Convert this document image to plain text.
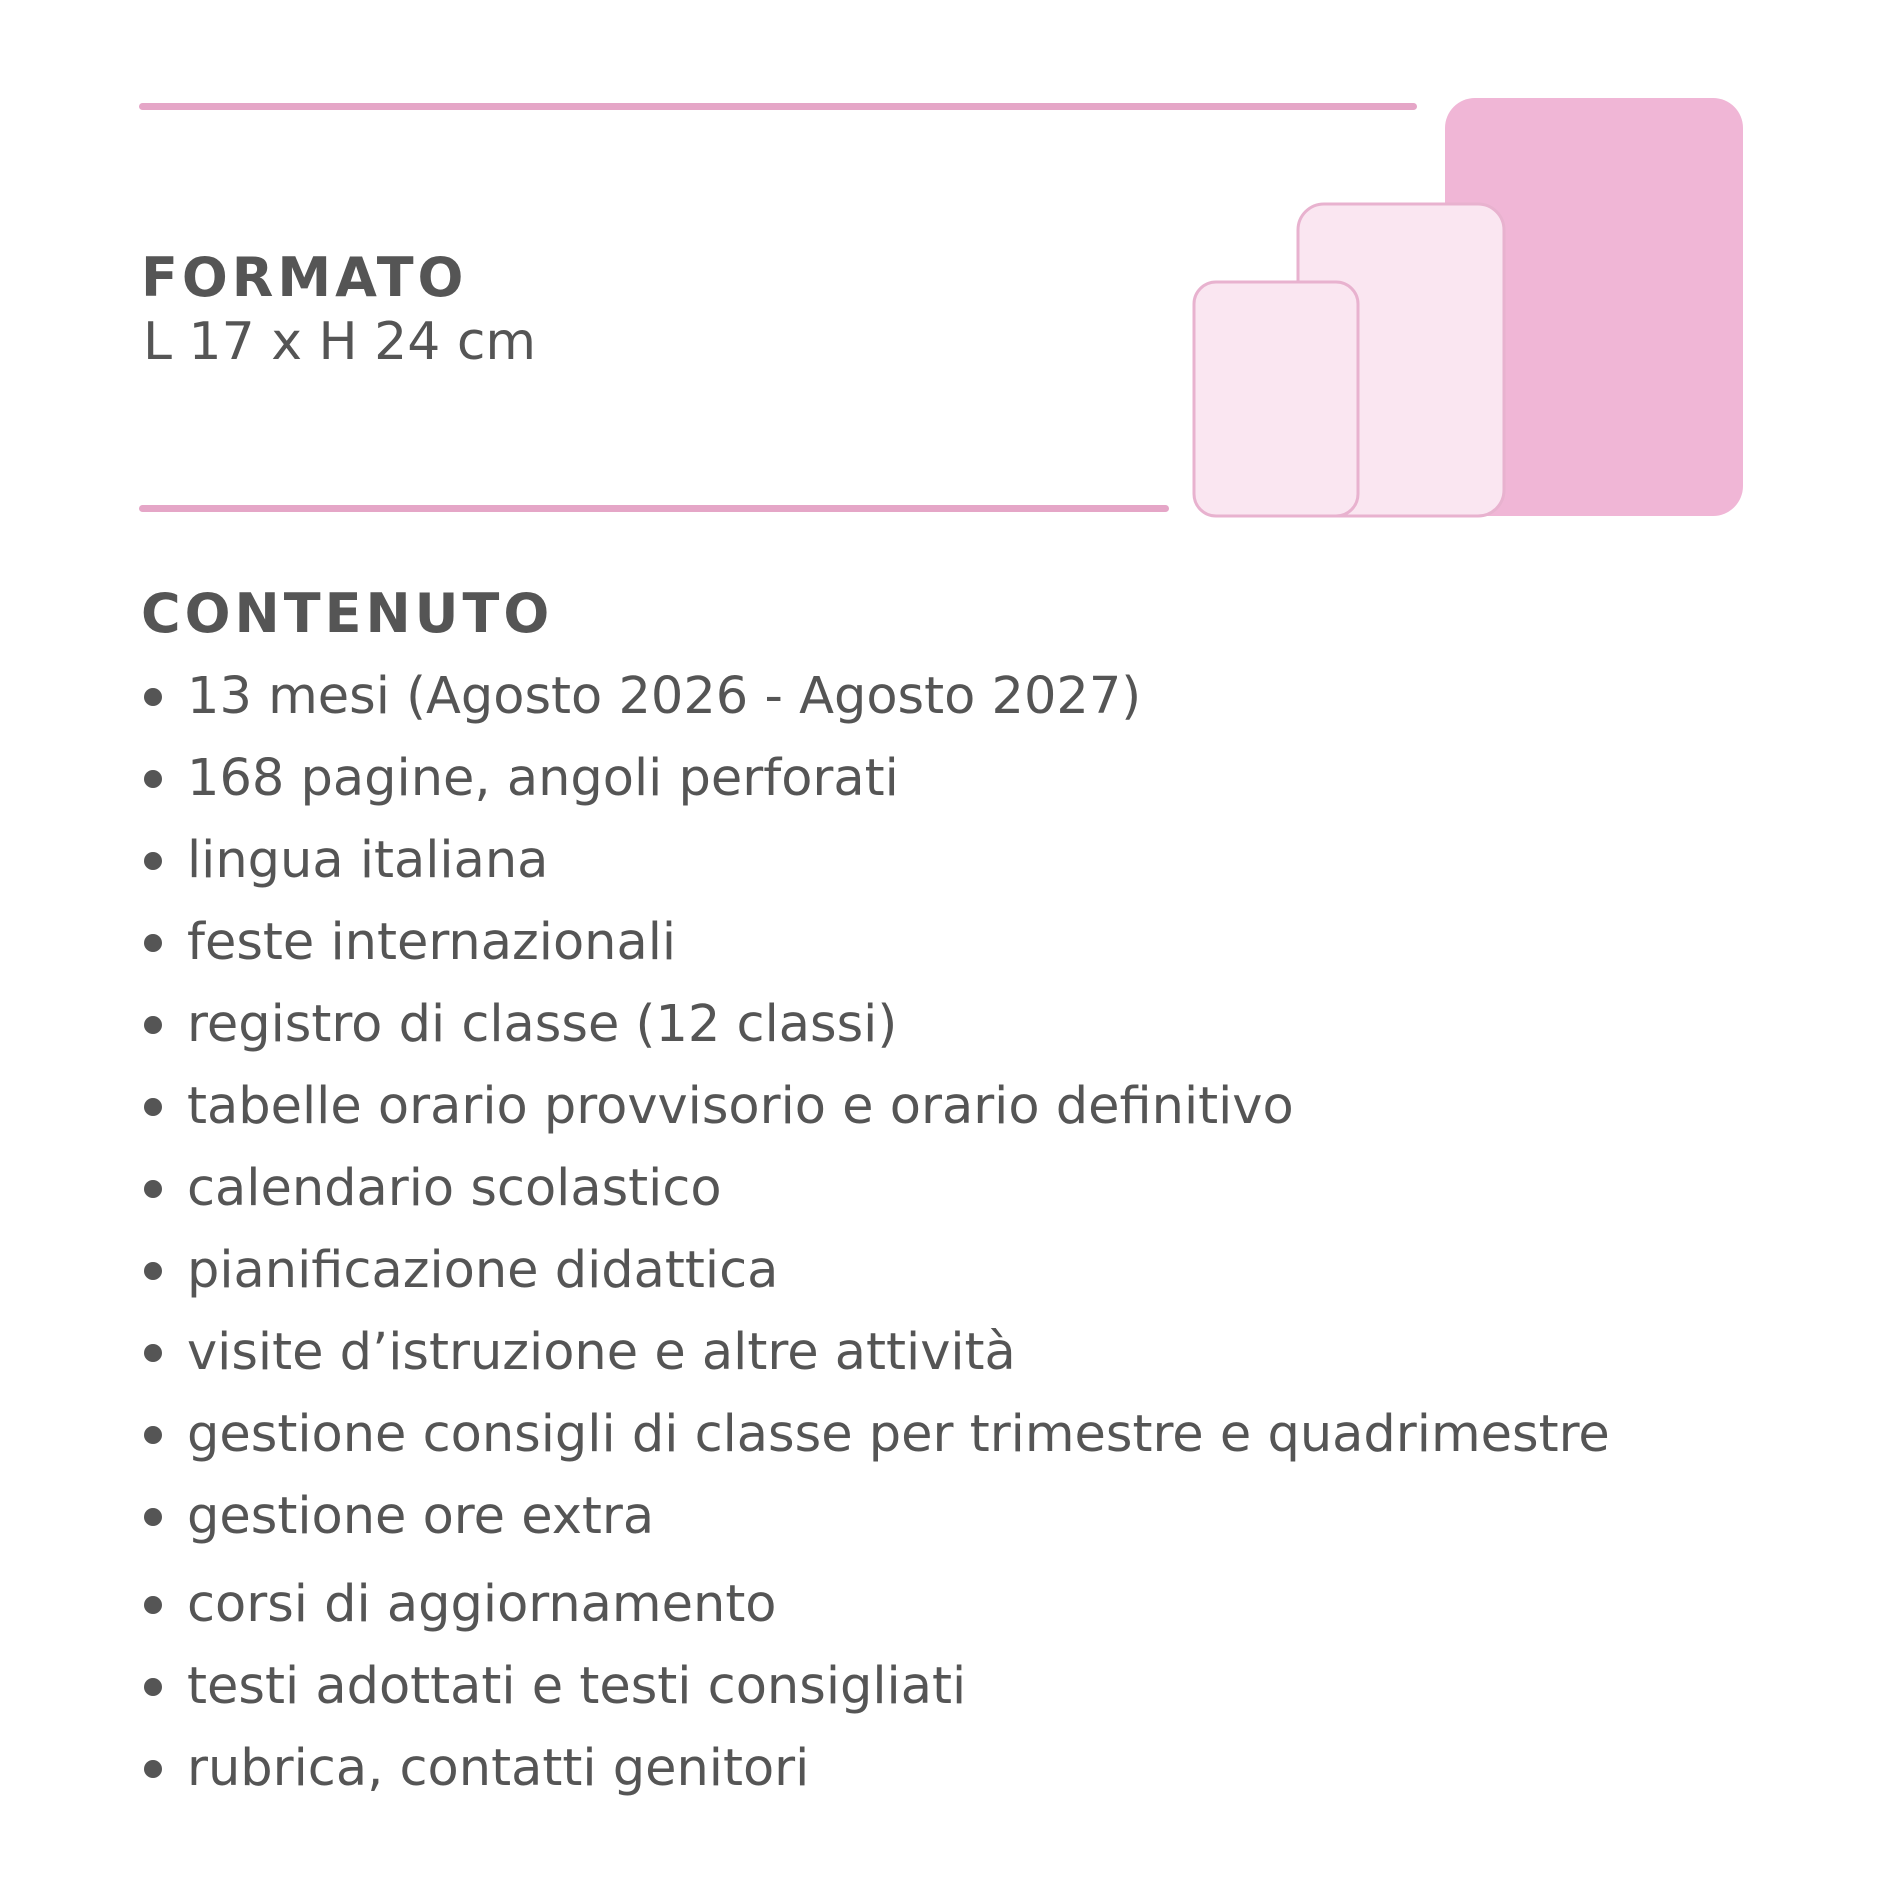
FORMATO
L 17 x H 24 cm
CONTENUTO
13 mesi (Agosto 2026 - Agosto 2027)
168 pagine, angoli perforati
lingua italiana
feste internazionali
registro di classe (12 classi)
tabelle orario provvisorio e orario definitivo
calendario scolastico
pianificazione didattica
visite d’istruzione e altre attività
gestione consigli di classe per trimestre e quadrimestre
gestione ore extra
corsi di aggiornamento
testi adottati e testi consigliati
rubrica, contatti genitori
